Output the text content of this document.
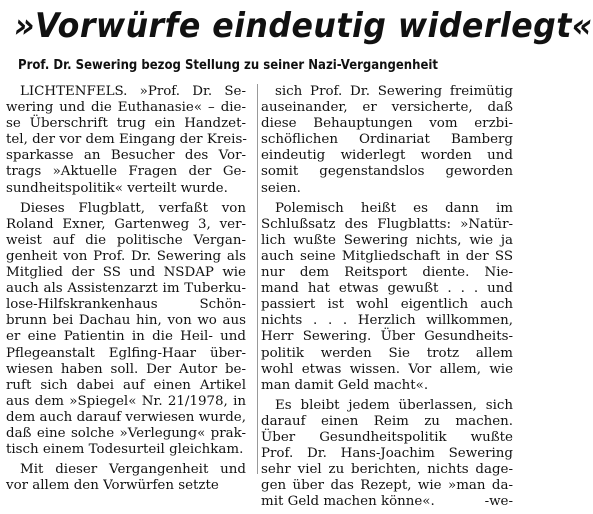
»Vorwürfe eindeutig widerlegt«
Prof. Dr. Sewering bezog Stellung zu seiner Nazi-Vergangenheit
LICHTENFELS. »Prof. Dr. Se-
wering und die Euthanasie« – die-
se Überschrift trug ein Handzet-
tel, der vor dem Eingang der Kreis-
sparkasse an Besucher des Vor-
trags »Aktuelle Fragen der Ge-
sundheitspolitik« verteilt wurde.
Dieses Flugblatt, verfaßt von
Roland Exner, Gartenweg 3, ver-
weist auf die politische Vergan-
genheit von Prof. Dr. Sewering als
Mitglied der SS und NSDAP wie
auch als Assistenzarzt im Tuberku-
lose-Hilfskrankenhaus Schön-
brunn bei Dachau hin, von wo aus
er eine Patientin in die Heil- und
Pflegeanstalt Eglfing-Haar über-
wiesen haben soll. Der Autor be-
ruft sich dabei auf einen Artikel
aus dem »Spiegel« Nr. 21/1978, in
dem auch darauf verwiesen wurde,
daß eine solche »Verlegung« prak-
tisch einem Todesurteil gleichkam.
Mit dieser Vergangenheit und
vor allem den Vorwürfen setzte
sich Prof. Dr. Sewering freimütig
auseinander, er versicherte, daß
diese Behauptungen vom erzbi-
schöflichen Ordinariat Bamberg
eindeutig widerlegt worden und
somit gegenstandslos geworden
seien.
Polemisch heißt es dann im
Schlußsatz des Flugblatts: »Natür-
lich wußte Sewering nichts, wie ja
auch seine Mitgliedschaft in der SS
nur dem Reitsport diente. Nie-
mand hat etwas gewußt . . . und
passiert ist wohl eigentlich auch
nichts . . . Herzlich willkommen,
Herr Sewering. Über Gesundheits-
politik werden Sie trotz allem
wohl etwas wissen. Vor allem, wie
man damit Geld macht«.
Es bleibt jedem überlassen, sich
darauf einen Reim zu machen.
Über Gesundheitspolitik wußte
Prof. Dr. Hans-Joachim Sewering
sehr viel zu berichten, nichts dage-
gen über das Rezept, wie »man da-
mit Geld machen könne«.	-we-
